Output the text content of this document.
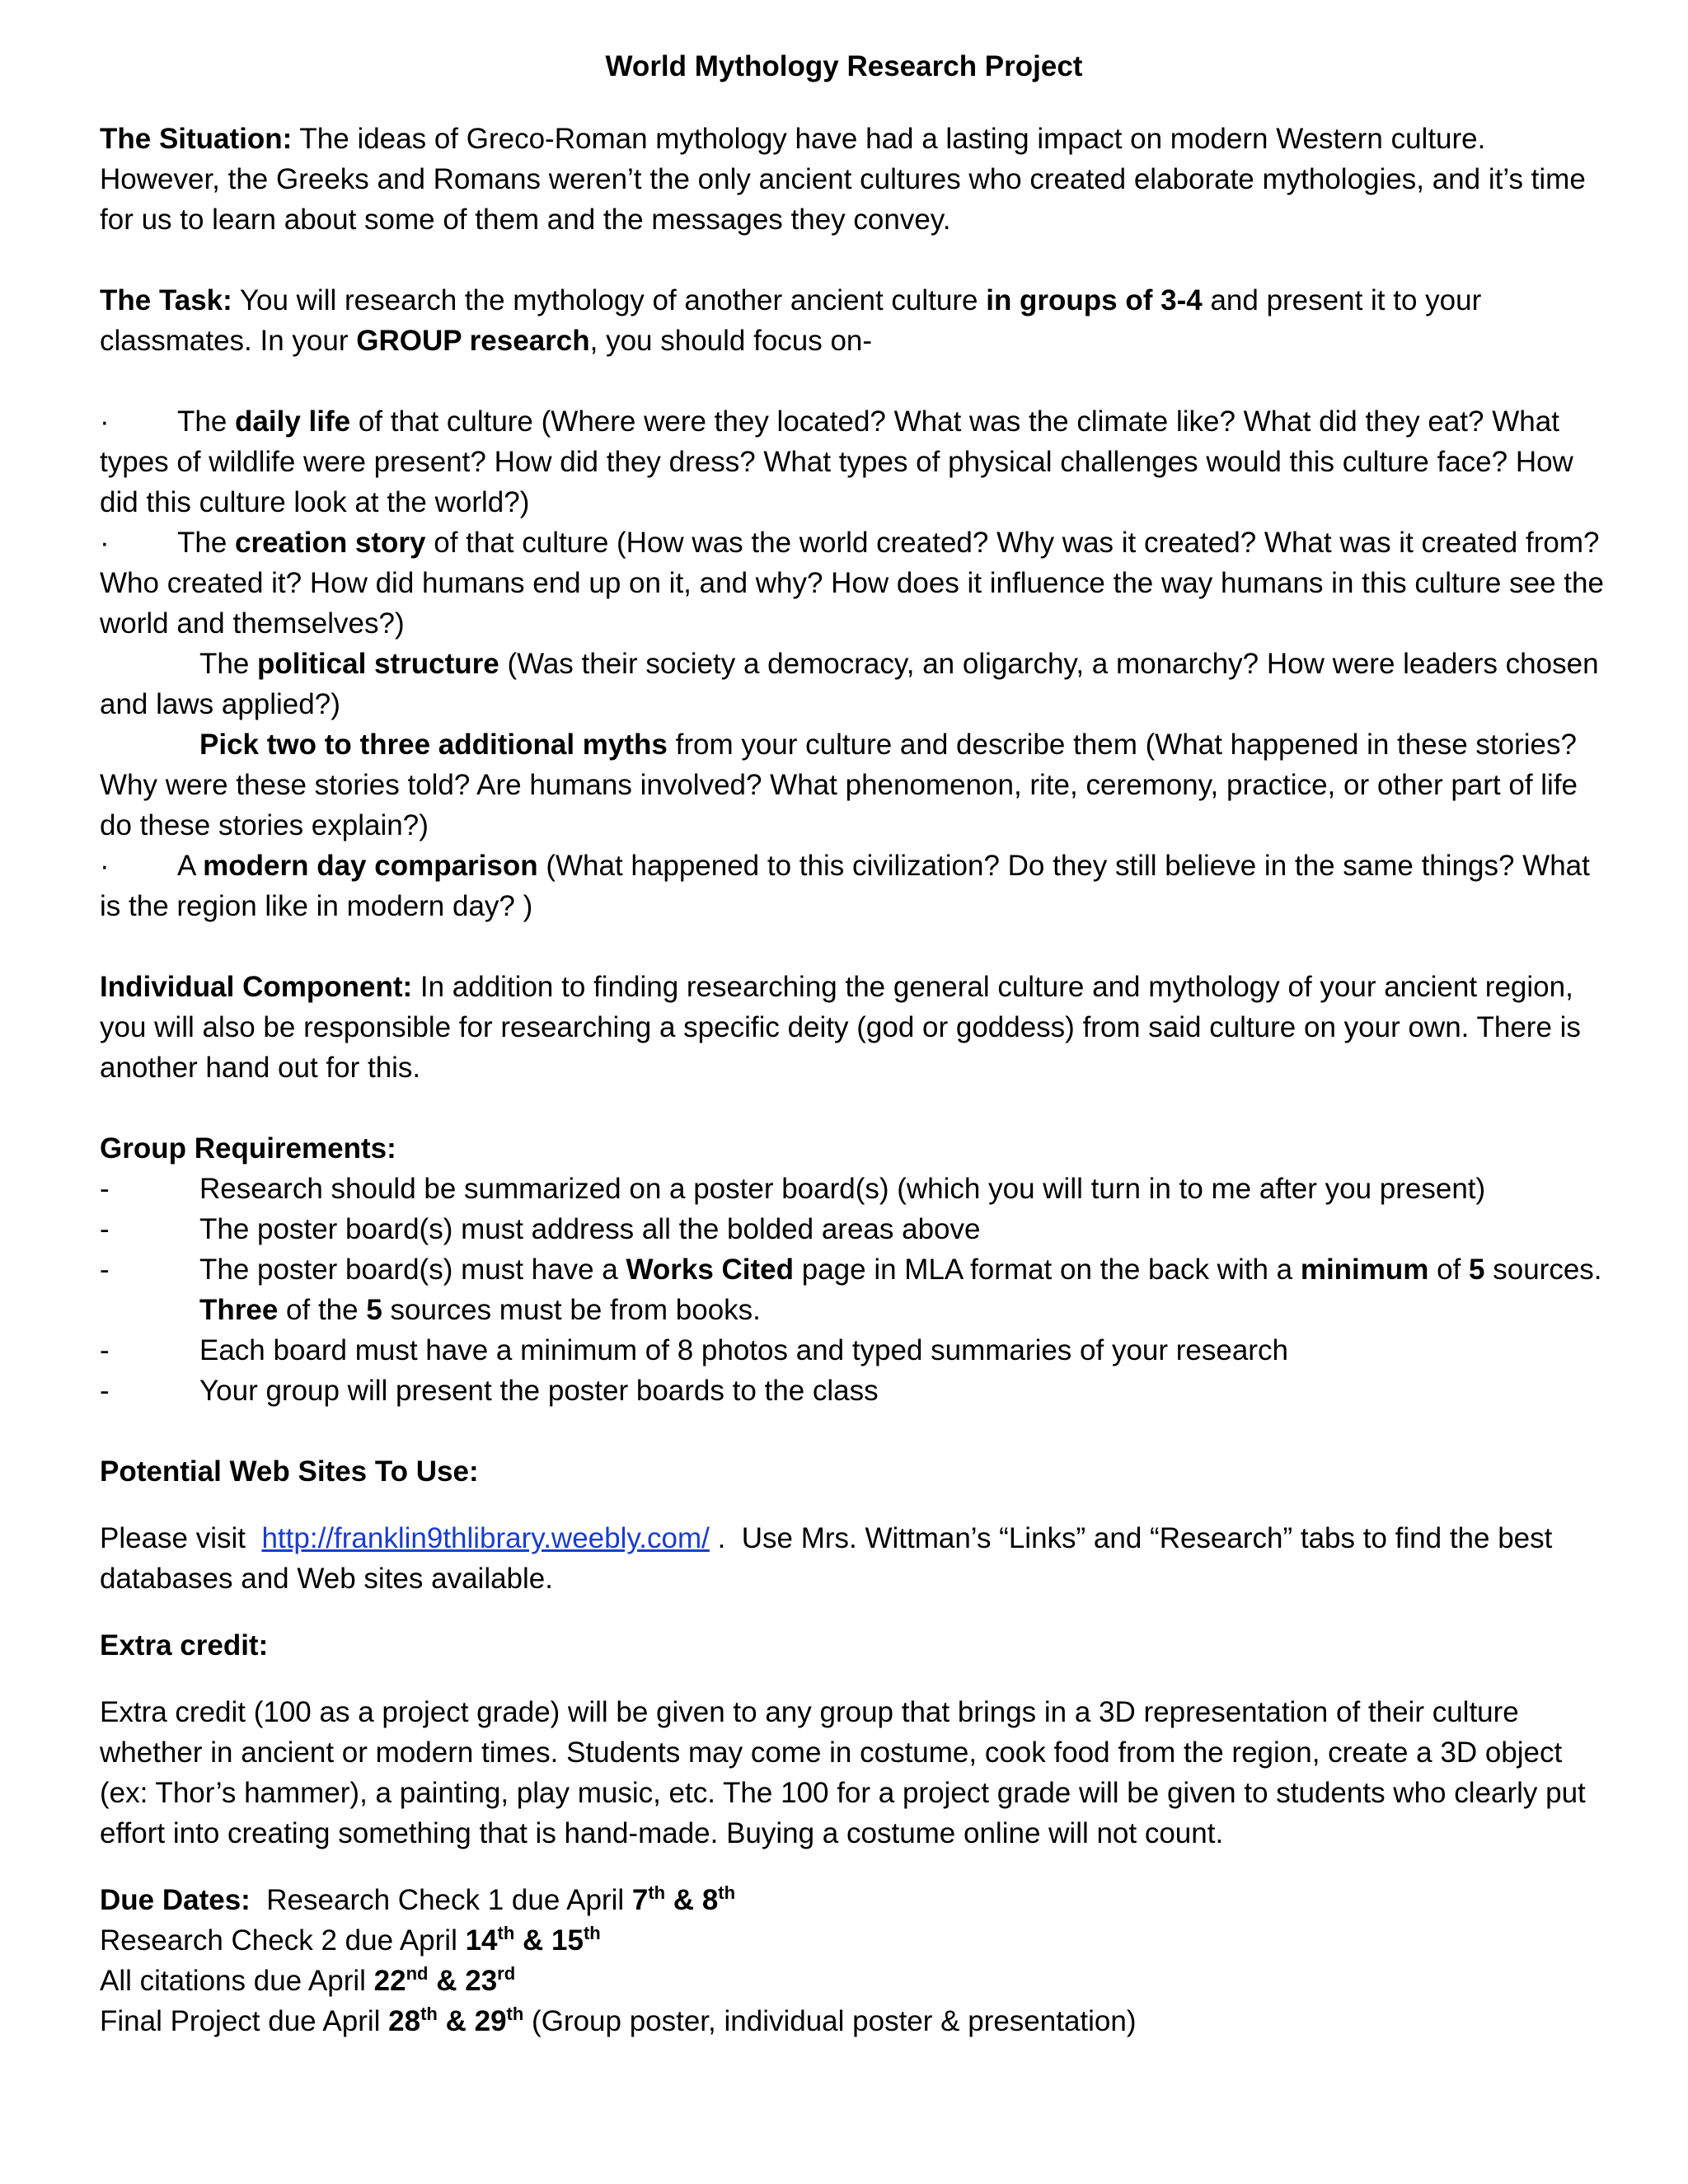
World Mythology Research Project

The Situation: The ideas of Greco-Roman mythology have had a lasting impact on modern Western culture. However, the Greeks and Romans weren’t the only ancient cultures who created elaborate mythologies, and it’s time for us to learn about some of them and the messages they convey.

The Task: You will research the mythology of another ancient culture in groups of 3-4 and present it to your classmates. In your GROUP research, you should focus on-

· The daily life of that culture (Where were they located? What was the climate like? What did they eat? What types of wildlife were present? How did they dress? What types of physical challenges would this culture face? How did this culture look at the world?)

· The creation story of that culture (How was the world created? Why was it created? What was it created from? Who created it? How did humans end up on it, and why? How does it influence the way humans in this culture see the world and themselves?)

The political structure (Was their society a democracy, an oligarchy, a monarchy? How were leaders chosen and laws applied?)

Pick two to three additional myths from your culture and describe them (What happened in these stories? Why were these stories told? Are humans involved? What phenomenon, rite, ceremony, practice, or other part of life do these stories explain?)

· A modern day comparison (What happened to this civilization? Do they still believe in the same things? What is the region like in modern day? )

Individual Component: In addition to finding researching the general culture and mythology of your ancient region, you will also be responsible for researching a specific deity (god or goddess) from said culture on your own. There is another hand out for this.

Group Requirements:

-	Research should be summarized on a poster board(s) (which you will turn in to me after you present)

-	The poster board(s) must address all the bolded areas above

-	The poster board(s) must have a Works Cited page in MLA format on the back with a minimum of 5 sources. Three of the 5 sources must be from books.

-	Each board must have a minimum of 8 photos and typed summaries of your research

-	Your group will present the poster boards to the class

Potential Web Sites To Use:

Please visit  http://franklin9thlibrary.weebly.com/ .  Use Mrs. Wittman’s “Links” and “Research” tabs to find the best databases and Web sites available.

Extra credit:

Extra credit (100 as a project grade) will be given to any group that brings in a 3D representation of their culture whether in ancient or modern times. Students may come in costume, cook food from the region, create a 3D object (ex: Thor’s hammer), a painting, play music, etc. The 100 for a project grade will be given to students who clearly put effort into creating something that is hand-made. Buying a costume online will not count.

Due Dates:  Research Check 1 due April 7th & 8th

Research Check 2 due April 14th & 15th

All citations due April 22nd & 23rd

Final Project due April 28th & 29th (Group poster, individual poster & presentation)
